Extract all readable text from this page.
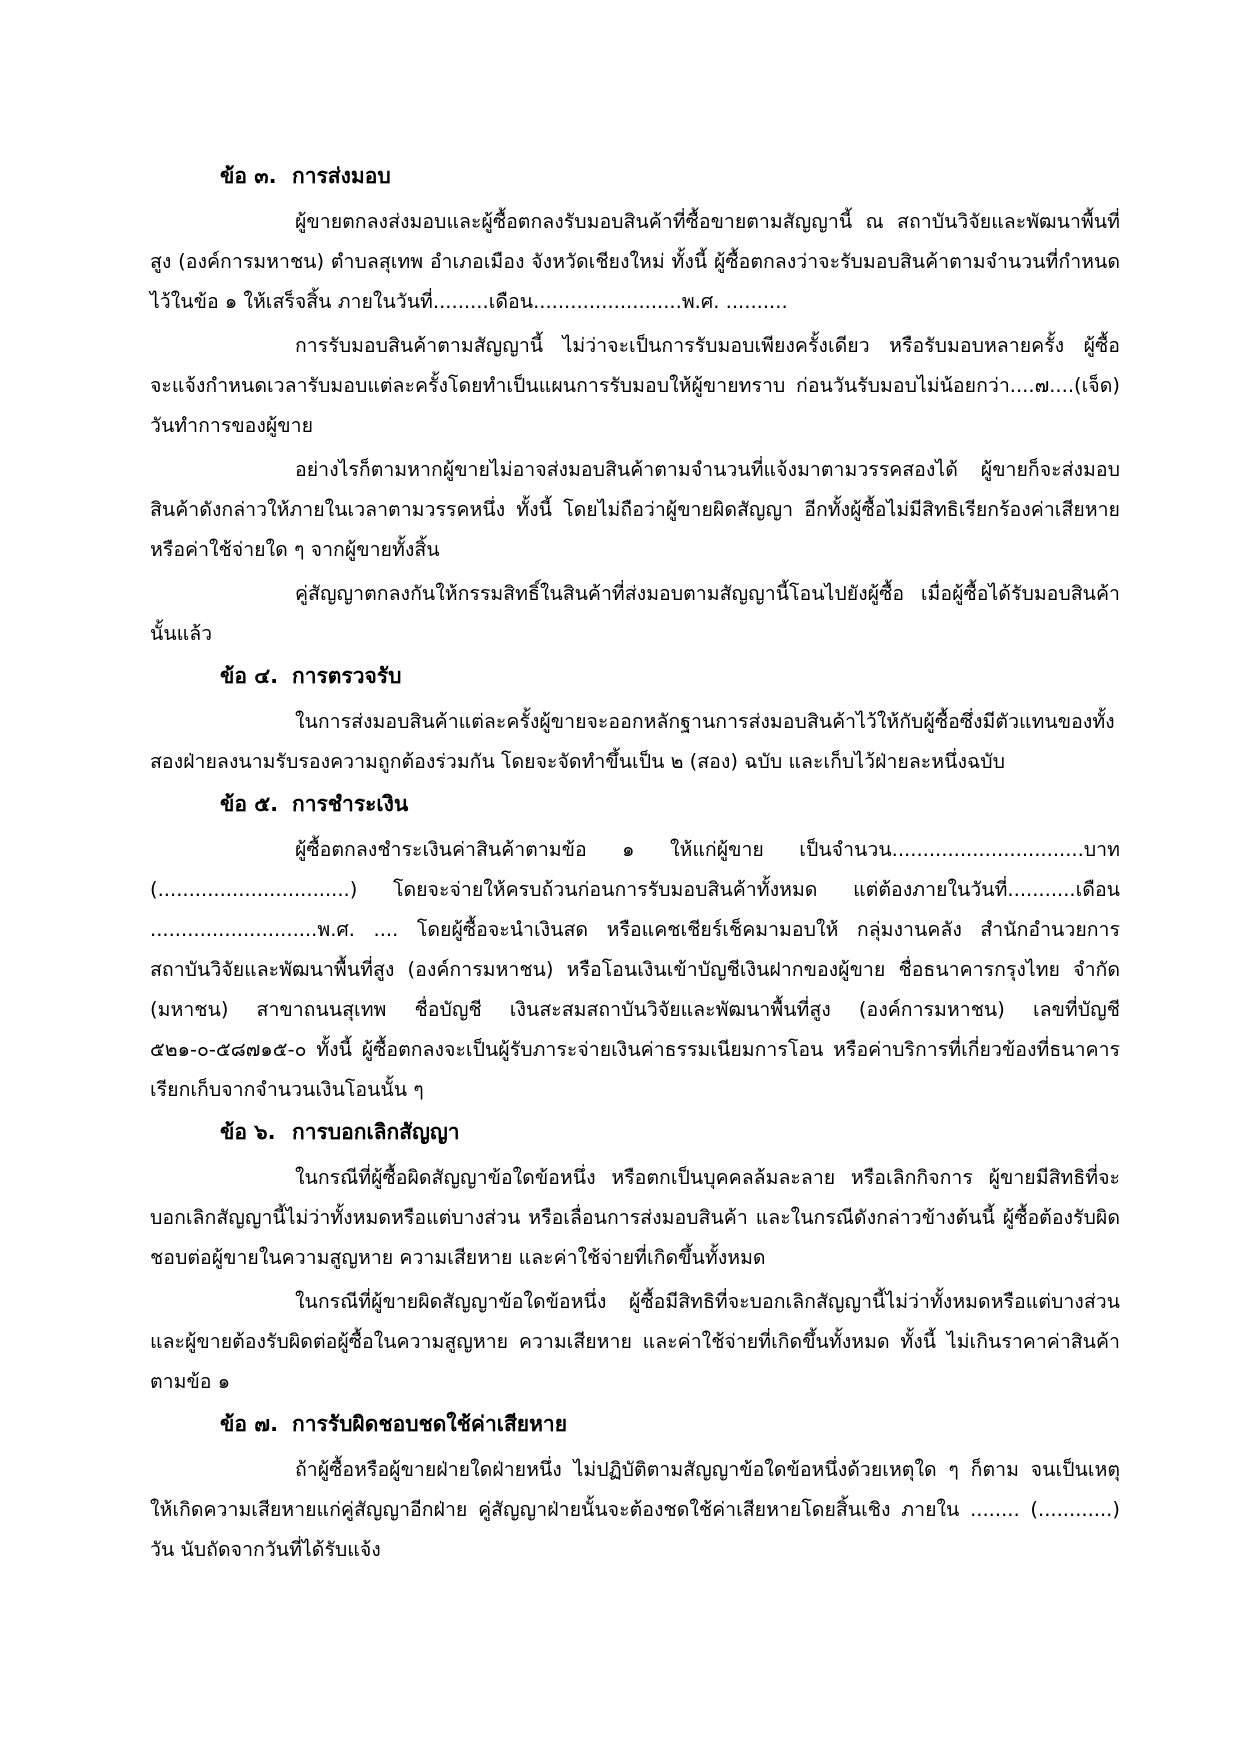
ข้อ ๓. การส่งมอบ

ผู้ขายตกลงส่งมอบและผู้ซื้อตกลงรับมอบสินค้าที่ซื้อขายตามสัญญานี้ ณ สถาบันวิจัยและพัฒนาพื้นที่สูง (องค์การมหาชน) ตำบลสุเทพ อำเภอเมือง จังหวัดเชียงใหม่ ทั้งนี้ ผู้ซื้อตกลงว่าจะรับมอบสินค้าตามจำนวนที่กำหนดไว้ในข้อ ๑ ให้เสร็จสิ้น ภายในวันที่.........เดือน........................พ.ศ. ..........

การรับมอบสินค้าตามสัญญานี้ ไม่ว่าจะเป็นการรับมอบเพียงครั้งเดียว หรือรับมอบหลายครั้ง ผู้ซื้อจะแจ้งกำหนดเวลารับมอบแต่ละครั้งโดยทำเป็นแผนการรับมอบให้ผู้ขายทราบ ก่อนวันรับมอบไม่น้อยกว่า....๗....(เจ็ด) วันทำการของผู้ขาย

อย่างไรก็ตามหากผู้ขายไม่อาจส่งมอบสินค้าตามจำนวนที่แจ้งมาตามวรรคสองได้ ผู้ขายก็จะส่งมอบสินค้าดังกล่าวให้ภายในเวลาตามวรรคหนึ่ง ทั้งนี้ โดยไม่ถือว่าผู้ขายผิดสัญญา อีกทั้งผู้ซื้อไม่มีสิทธิเรียกร้องค่าเสียหายหรือค่าใช้จ่ายใด ๆ จากผู้ขายทั้งสิ้น

คู่สัญญาตกลงกันให้กรรมสิทธิ์ในสินค้าที่ส่งมอบตามสัญญานี้โอนไปยังผู้ซื้อ เมื่อผู้ซื้อได้รับมอบสินค้านั้นแล้ว

ข้อ ๔. การตรวจรับ

ในการส่งมอบสินค้าแต่ละครั้งผู้ขายจะออกหลักฐานการส่งมอบสินค้าไว้ให้กับผู้ซื้อซึ่งมีตัวแทนของทั้งสองฝ่ายลงนามรับรองความถูกต้องร่วมกัน โดยจะจัดทำขึ้นเป็น ๒ (สอง) ฉบับ และเก็บไว้ฝ่ายละหนึ่งฉบับ

ข้อ ๕. การชำระเงิน

ผู้ซื้อตกลงชำระเงินค่าสินค้าตามข้อ ๑ ให้แก่ผู้ขาย เป็นจำนวน...............................บาท (...............................) โดยจะจ่ายให้ครบถ้วนก่อนการรับมอบสินค้าทั้งหมด แต่ต้องภายในวันที่...........เดือน ...........................พ.ศ. .... โดยผู้ซื้อจะนำเงินสด หรือแคชเชียร์เช็คมามอบให้ กลุ่มงานคลัง สำนักอำนวยการ สถาบันวิจัยและพัฒนาพื้นที่สูง (องค์การมหาชน) หรือโอนเงินเข้าบัญชีเงินฝากของผู้ขาย ชื่อธนาคารกรุงไทย จำกัด (มหาชน) สาขาถนนสุเทพ ชื่อบัญชี เงินสะสมสถาบันวิจัยและพัฒนาพื้นที่สูง (องค์การมหาชน) เลขที่บัญชี ๕๒๑-๐-๕๘๗๑๕-๐ ทั้งนี้ ผู้ซื้อตกลงจะเป็นผู้รับภาระจ่ายเงินค่าธรรมเนียมการโอน หรือค่าบริการที่เกี่ยวข้องที่ธนาคารเรียกเก็บจากจำนวนเงินโอนนั้น ๆ

ข้อ ๖. การบอกเลิกสัญญา

ในกรณีที่ผู้ซื้อผิดสัญญาข้อใดข้อหนึ่ง หรือตกเป็นบุคคลล้มละลาย หรือเลิกกิจการ ผู้ขายมีสิทธิที่จะบอกเลิกสัญญานี้ไม่ว่าทั้งหมดหรือแต่บางส่วน หรือเลื่อนการส่งมอบสินค้า และในกรณีดังกล่าวข้างต้นนี้ ผู้ซื้อต้องรับผิดชอบต่อผู้ขายในความสูญหาย ความเสียหาย และค่าใช้จ่ายที่เกิดขึ้นทั้งหมด

ในกรณีที่ผู้ขายผิดสัญญาข้อใดข้อหนึ่ง ผู้ซื้อมีสิทธิที่จะบอกเลิกสัญญานี้ไม่ว่าทั้งหมดหรือแต่บางส่วน และผู้ขายต้องรับผิดต่อผู้ซื้อในความสูญหาย ความเสียหาย และค่าใช้จ่ายที่เกิดขึ้นทั้งหมด ทั้งนี้ ไม่เกินราคาค่าสินค้าตามข้อ ๑

ข้อ ๗. การรับผิดชอบชดใช้ค่าเสียหาย

ถ้าผู้ซื้อหรือผู้ขายฝ่ายใดฝ่ายหนึ่ง ไม่ปฏิบัติตามสัญญาข้อใดข้อหนึ่งด้วยเหตุใด ๆ ก็ตาม จนเป็นเหตุให้เกิดความเสียหายแก่คู่สัญญาอีกฝ่าย คู่สัญญาฝ่ายนั้นจะต้องชดใช้ค่าเสียหายโดยสิ้นเชิง ภายใน ........ (............) วัน นับถัดจากวันที่ได้รับแจ้ง
